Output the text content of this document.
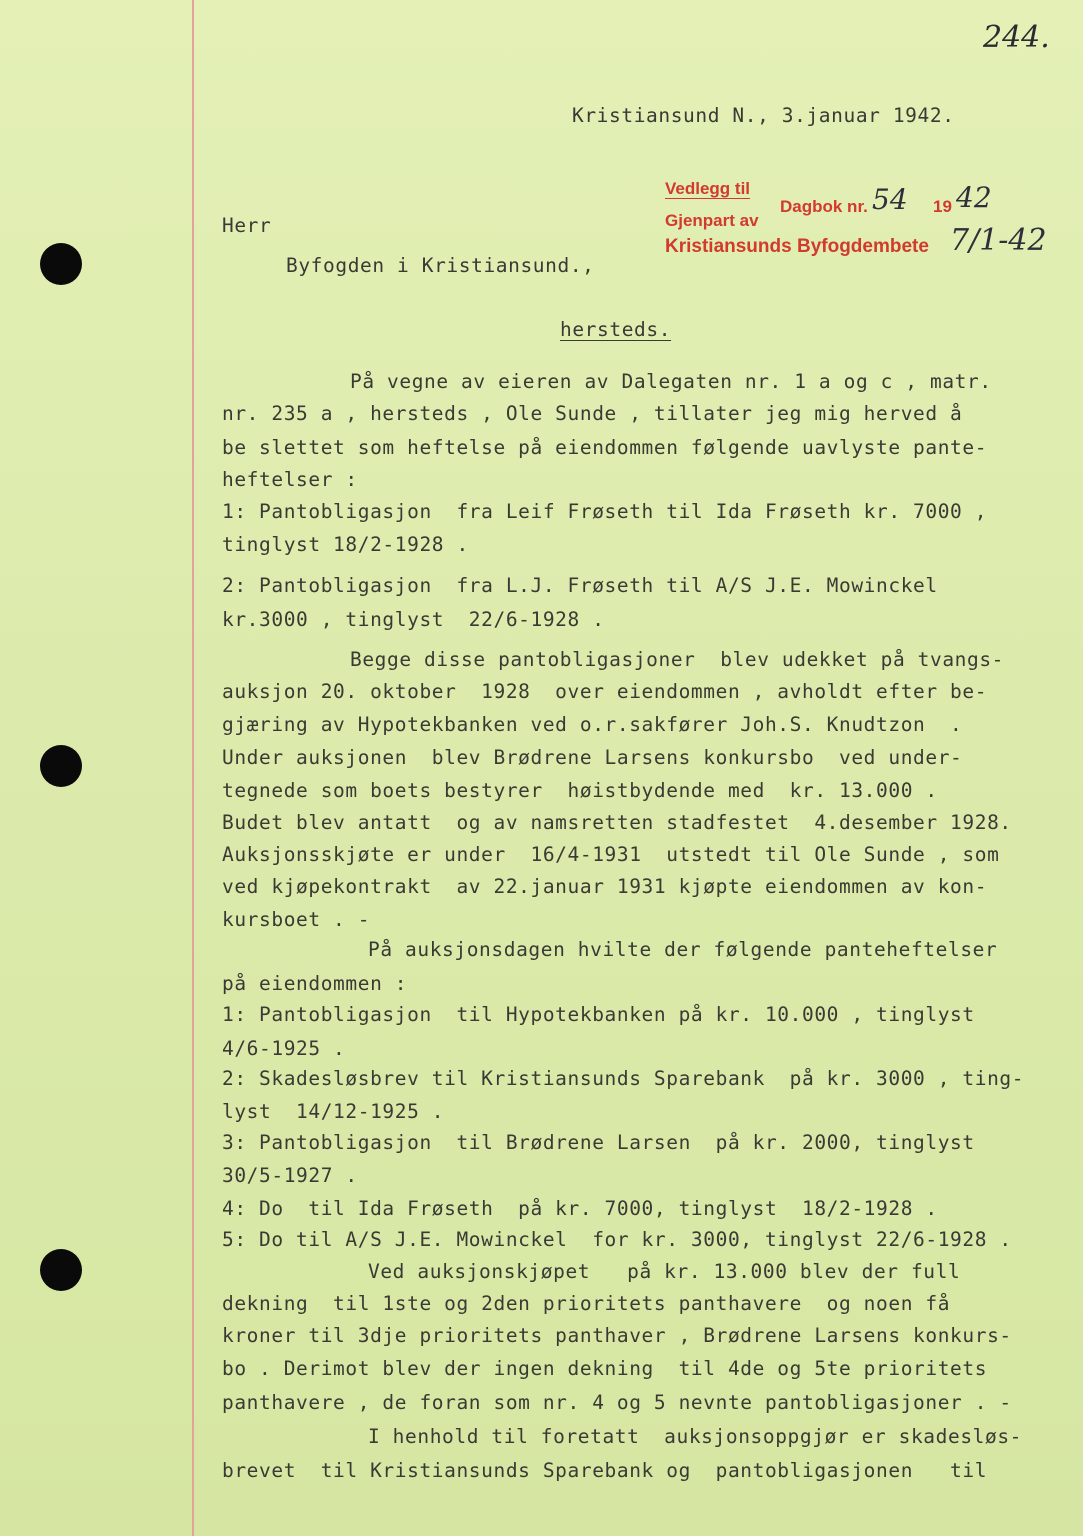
244.
Kristiansund N., 3.januar 1942.
Vedlegg til
Dagbok nr. 54 19 42
Gjenpart av
Kristiansunds Byfogdembete 7/1-42
Herr
Byfogden i Kristiansund.,
hersteds.
På vegne av eieren av Dalegaten nr. 1 a og c , matr.
nr. 235 a , hersteds , Ole Sunde , tillater jeg mig herved å
be slettet som heftelse på eiendommen følgende uavlyste pante-
heftelser :
1: Pantobligasjon  fra Leif Frøseth til Ida Frøseth kr. 7000 ,
tinglyst 18/2-1928 .
2: Pantobligasjon  fra L.J. Frøseth til A/S J.E. Mowinckel
kr.3000 , tinglyst  22/6-1928 .
Begge disse pantobligasjoner  blev udekket på tvangs-
auksjon 20. oktober  1928  over eiendommen , avholdt efter be-
gjæring av Hypotekbanken ved o.r.sakfører Joh.S. Knudtzon  .
Under auksjonen  blev Brødrene Larsens konkursbo  ved under-
tegnede som boets bestyrer  høistbydende med  kr. 13.000 .
Budet blev antatt  og av namsretten stadfestet  4.desember 1928.
Auksjonsskjøte er under  16/4-1931  utstedt til Ole Sunde , som
ved kjøpekontrakt  av 22.januar 1931 kjøpte eiendommen av kon-
kursboet . -
På auksjonsdagen hvilte der følgende panteheftelser
på eiendommen :
1: Pantobligasjon  til Hypotekbanken på kr. 10.000 , tinglyst
4/6-1925 .
2: Skadesløsbrev til Kristiansunds Sparebank  på kr. 3000 , ting-
lyst  14/12-1925 .
3: Pantobligasjon  til Brødrene Larsen  på kr. 2000, tinglyst
30/5-1927 .
4: Do  til Ida Frøseth  på kr. 7000, tinglyst  18/2-1928 .
5: Do til A/S J.E. Mowinckel  for kr. 3000, tinglyst 22/6-1928 .
Ved auksjonskjøpet   på kr. 13.000 blev der full
dekning  til 1ste og 2den prioritets panthavere  og noen få
kroner til 3dje prioritets panthaver , Brødrene Larsens konkurs-
bo . Derimot blev der ingen dekning  til 4de og 5te prioritets
panthavere , de foran som nr. 4 og 5 nevnte pantobligasjoner . -
I henhold til foretatt  auksjonsoppgjør er skadesløs-
brevet  til Kristiansunds Sparebank og  pantobligasjonen   til
